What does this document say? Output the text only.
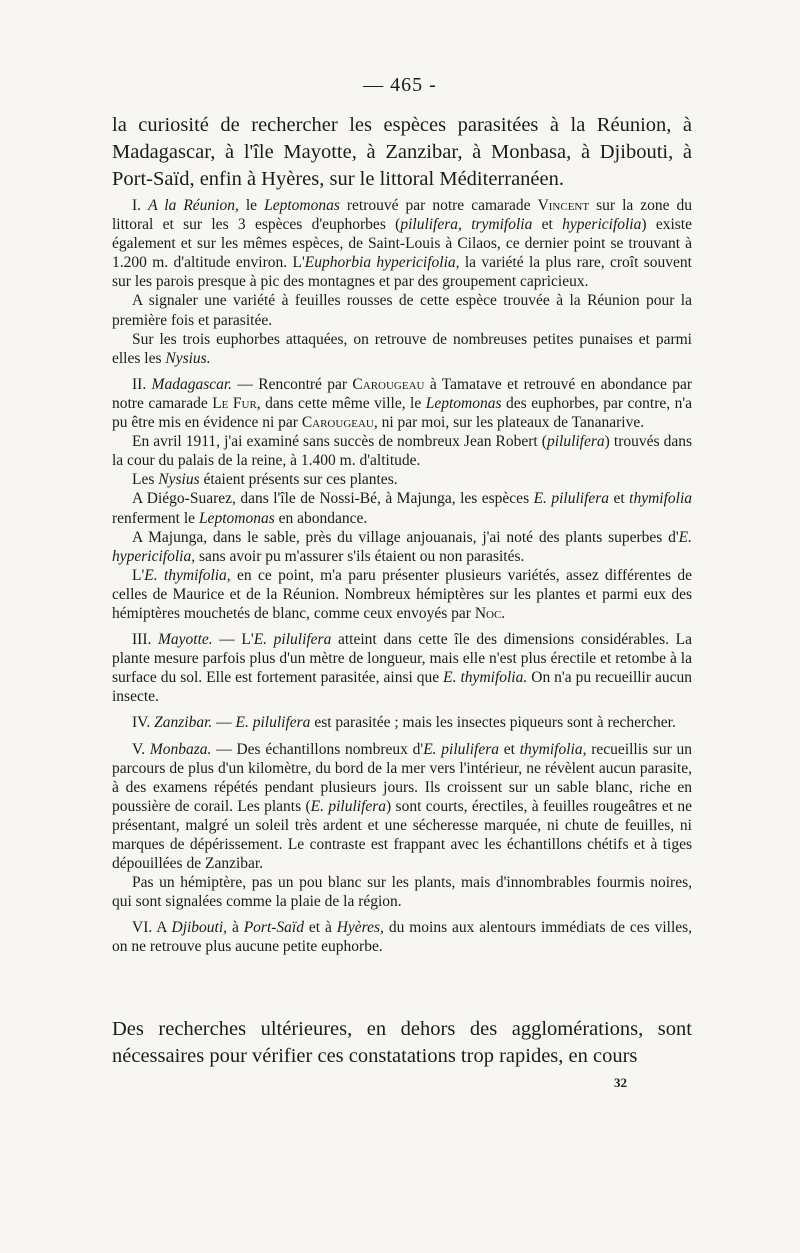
— 465 -
la curiosité de rechercher les espèces parasitées à la Réunion, à Madagascar, à l'île Mayotte, à Zanzibar, à Monbasa, à Djibouti, à Port-Saïd, enfin à Hyères, sur le littoral Méditerranéen.

I. A la Réunion, le Leptomonas retrouvé par notre camarade Vincent sur la zone du littoral et sur les 3 espèces d'euphorbes (pilulifera, trymifolia et hypericifolia) existe également et sur les mêmes espèces, de Saint-Louis à Cilaos, ce dernier point se trouvant à 1.200 m. d'altitude environ. L'Euphorbia hypericifolia, la variété la plus rare, croît souvent sur les parois presque à pic des montagnes et par des groupement capricieux.

A signaler une variété à feuilles rousses de cette espèce trouvée à la Réunion pour la première fois et parasitée.

Sur les trois euphorbes attaquées, on retrouve de nombreuses petites punaises et parmi elles les Nysius.

II. Madagascar. — Rencontré par Carougeau à Tamatave et retrouvé en abondance par notre camarade Le Fur, dans cette même ville, le Leptomonas des euphorbes, par contre, n'a pu être mis en évidence ni par Carougeau, ni par moi, sur les plateaux de Tananarive.

En avril 1911, j'ai examiné sans succès de nombreux Jean Robert (pilulifera) trouvés dans la cour du palais de la reine, à 1.400 m. d'altitude.

Les Nysius étaient présents sur ces plantes.

A Diégo-Suarez, dans l'île de Nossi-Bé, à Majunga, les espèces E. pilulifera et thymifolia renferment le Leptomonas en abondance.

A Majunga, dans le sable, près du village anjouanais, j'ai noté des plants superbes d'E. hypericifolia, sans avoir pu m'assurer s'ils étaient ou non parasités.

L'E. thymifolia, en ce point, m'a paru présenter plusieurs variétés, assez différentes de celles de Maurice et de la Réunion. Nombreux hémiptères sur les plantes et parmi eux des hémiptères mouchetés de blanc, comme ceux envoyés par Noc.

III. Mayotte. — L'E. pilulifera atteint dans cette île des dimensions considérables. La plante mesure parfois plus d'un mètre de longueur, mais elle n'est plus érectile et retombe à la surface du sol. Elle est fortement parasitée, ainsi que E. thymifolia. On n'a pu recueillir aucun insecte.

IV. Zanzibar. — E. pilulifera est parasitée ; mais les insectes piqueurs sont à rechercher.

V. Monbaza. — Des échantillons nombreux d'E. pilulifera et thymifolia, recueillis sur un parcours de plus d'un kilomètre, du bord de la mer vers l'intérieur, ne révèlent aucun parasite, à des examens répétés pendant plusieurs jours. Ils croissent sur un sable blanc, riche en poussière de corail. Les plants (E. pilulifera) sont courts, érectiles, à feuilles rougeâtres et ne présentant, malgré un soleil très ardent et une sécheresse marquée, ni chute de feuilles, ni marques de dépérissement. Le contraste est frappant avec les échantillons chétifs et à tiges dépouillées de Zanzibar.

Pas un hémiptère, pas un pou blanc sur les plants, mais d'innombrables fourmis noires, qui sont signalées comme la plaie de la région.

VI. A Djibouti, à Port-Saïd et à Hyères, du moins aux alentours immédiats de ces villes, on ne retrouve plus aucune petite euphorbe.

Des recherches ultérieures, en dehors des agglomérations, sont nécessaires pour vérifier ces constatations trop rapides, en cours
32
